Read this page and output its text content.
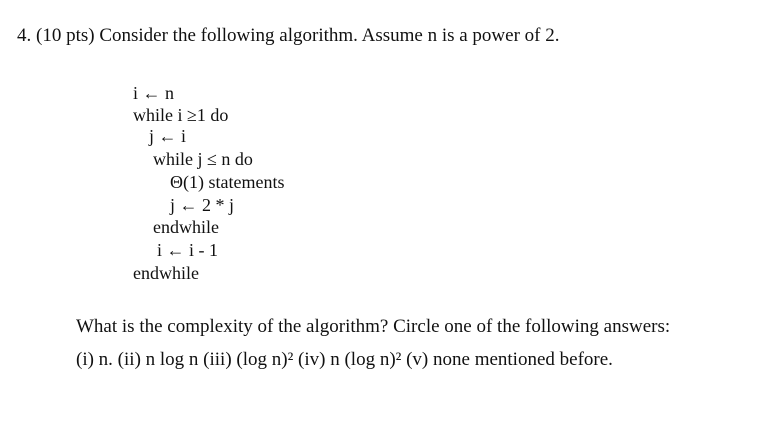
4. (10 pts) Consider the following algorithm. Assume n is a power of 2.
i ← n
while i ≥1 do
j ← i
while j ≤ n do
Θ(1) statements
j ← 2 * j
endwhile
i ← i - 1
endwhile
What is the complexity of the algorithm? Circle one of the following answers:
(i) n. (ii) n log n (iii) (log n)² (iv) n (log n)² (v) none mentioned before.
